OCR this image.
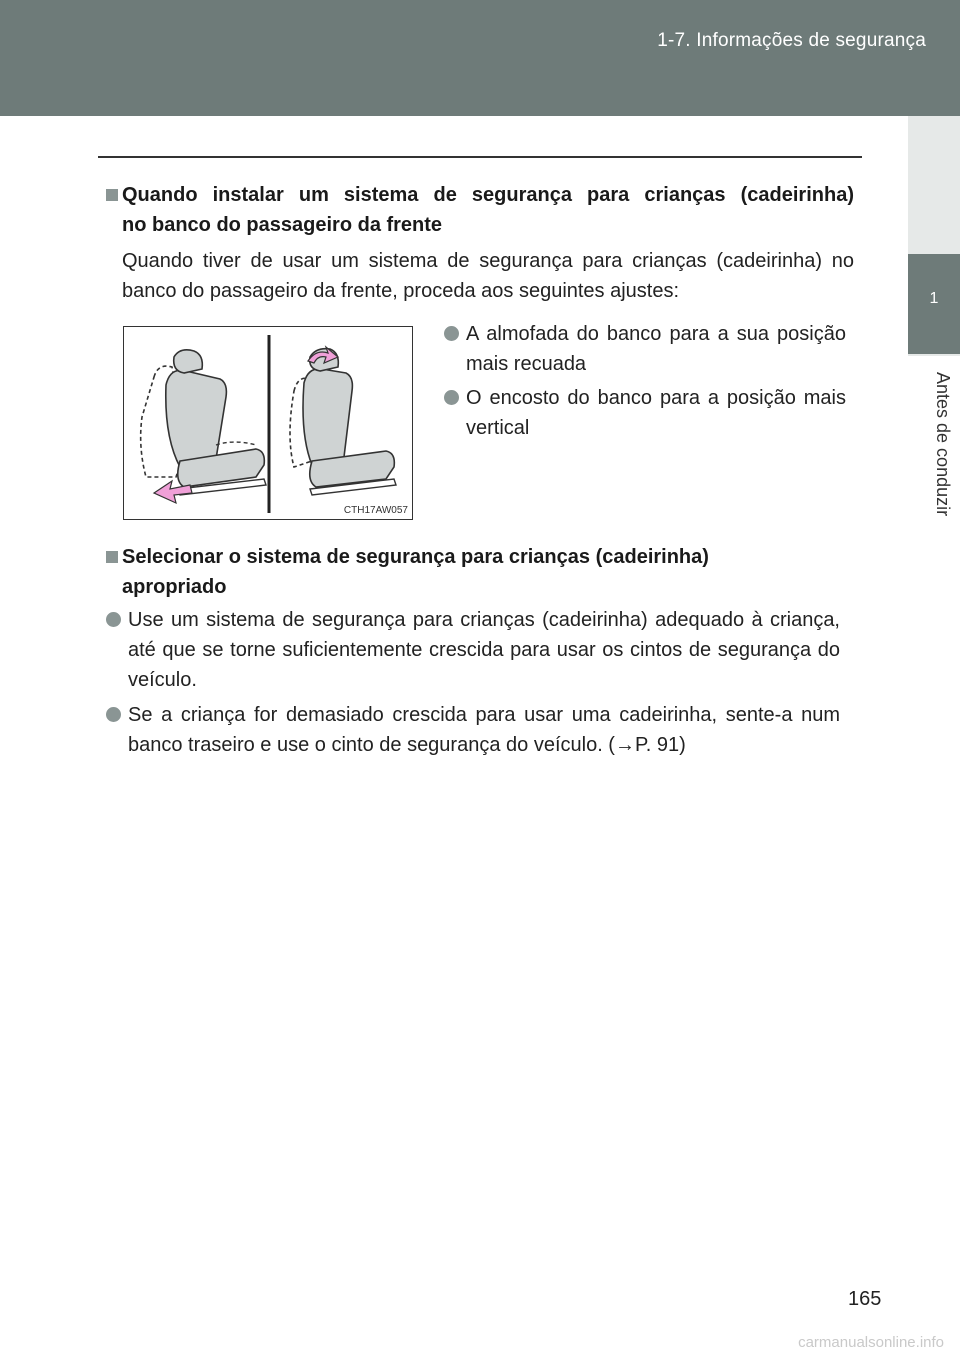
1-7. Informações de segurança
1
Antes de conduzir
Quando instalar um sistema de segurança para crianças (cadeirinha)
no banco do passageiro da frente
Quando tiver de usar um sistema de segurança para crianças (cadeirinha) no banco do passageiro da frente, proceda aos seguintes ajustes:
CTH17AW057
A almofada do banco para a sua posição mais recuada
O encosto do banco para a posição mais vertical
Selecionar o sistema de segurança para crianças (cadeirinha)
apropriado
Use um sistema de segurança para crianças (cadeirinha) adequado à criança, até que se torne suficientemente crescida para usar os cintos de segurança do veículo.
Se a criança for demasiado crescida para usar uma cadeirinha, sente-a num banco traseiro e use o cinto de segurança do veículo. (→P. 91)
165
carmanualsonline.info
